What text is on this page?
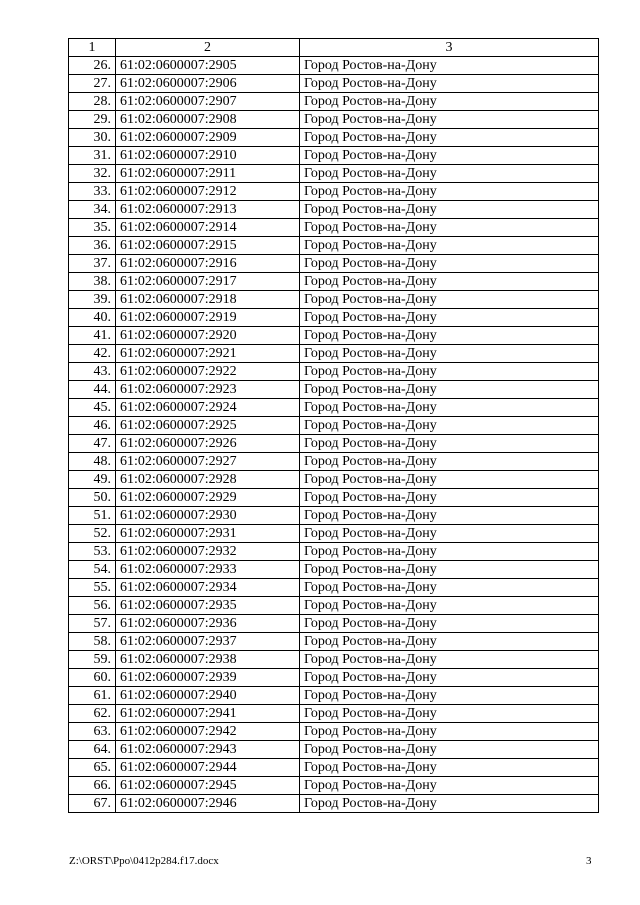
1	2	3
26.	61:02:0600007:2905	Город Ростов-на-Дону
27.	61:02:0600007:2906	Город Ростов-на-Дону
28.	61:02:0600007:2907	Город Ростов-на-Дону
29.	61:02:0600007:2908	Город Ростов-на-Дону
30.	61:02:0600007:2909	Город Ростов-на-Дону
31.	61:02:0600007:2910	Город Ростов-на-Дону
32.	61:02:0600007:2911	Город Ростов-на-Дону
33.	61:02:0600007:2912	Город Ростов-на-Дону
34.	61:02:0600007:2913	Город Ростов-на-Дону
35.	61:02:0600007:2914	Город Ростов-на-Дону
36.	61:02:0600007:2915	Город Ростов-на-Дону
37.	61:02:0600007:2916	Город Ростов-на-Дону
38.	61:02:0600007:2917	Город Ростов-на-Дону
39.	61:02:0600007:2918	Город Ростов-на-Дону
40.	61:02:0600007:2919	Город Ростов-на-Дону
41.	61:02:0600007:2920	Город Ростов-на-Дону
42.	61:02:0600007:2921	Город Ростов-на-Дону
43.	61:02:0600007:2922	Город Ростов-на-Дону
44.	61:02:0600007:2923	Город Ростов-на-Дону
45.	61:02:0600007:2924	Город Ростов-на-Дону
46.	61:02:0600007:2925	Город Ростов-на-Дону
47.	61:02:0600007:2926	Город Ростов-на-Дону
48.	61:02:0600007:2927	Город Ростов-на-Дону
49.	61:02:0600007:2928	Город Ростов-на-Дону
50.	61:02:0600007:2929	Город Ростов-на-Дону
51.	61:02:0600007:2930	Город Ростов-на-Дону
52.	61:02:0600007:2931	Город Ростов-на-Дону
53.	61:02:0600007:2932	Город Ростов-на-Дону
54.	61:02:0600007:2933	Город Ростов-на-Дону
55.	61:02:0600007:2934	Город Ростов-на-Дону
56.	61:02:0600007:2935	Город Ростов-на-Дону
57.	61:02:0600007:2936	Город Ростов-на-Дону
58.	61:02:0600007:2937	Город Ростов-на-Дону
59.	61:02:0600007:2938	Город Ростов-на-Дону
60.	61:02:0600007:2939	Город Ростов-на-Дону
61.	61:02:0600007:2940	Город Ростов-на-Дону
62.	61:02:0600007:2941	Город Ростов-на-Дону
63.	61:02:0600007:2942	Город Ростов-на-Дону
64.	61:02:0600007:2943	Город Ростов-на-Дону
65.	61:02:0600007:2944	Город Ростов-на-Дону
66.	61:02:0600007:2945	Город Ростов-на-Дону
67.	61:02:0600007:2946	Город Ростов-на-Дону
Z:\ORST\Ppo\0412p284.f17.docx	3
